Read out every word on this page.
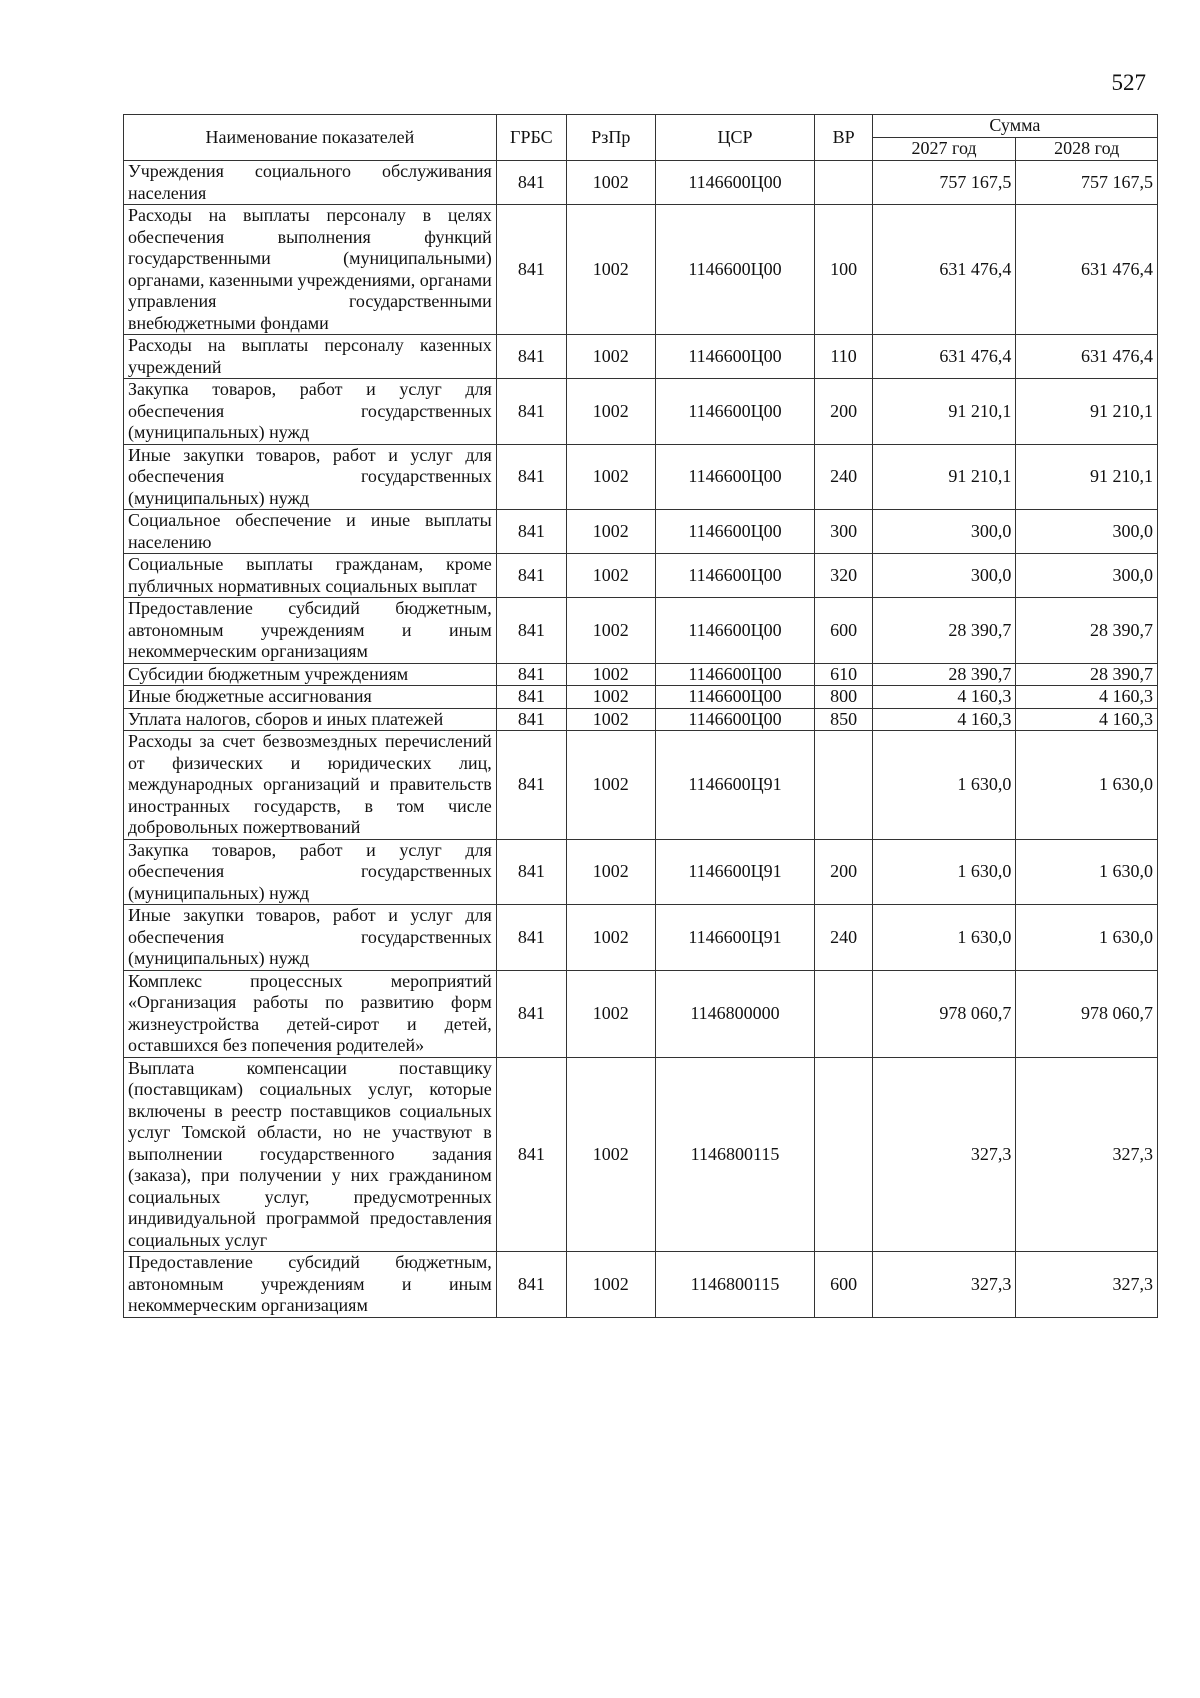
527
Наименование показателей	ГРБС	РзПр	ЦСР	ВР	Сумма	
					2027 год	2028 год
Учреждения социального обслуживания населения	841	1002	1146600Ц00		757 167,5	757 167,5
Расходы на выплаты персоналу в целях обеспечения выполнения функций государственными (муниципальными) органами, казенными учреждениями, органами управления государственными внебюджетными фондами	841	1002	1146600Ц00	100	631 476,4	631 476,4
Расходы на выплаты персоналу казенных учреждений	841	1002	1146600Ц00	110	631 476,4	631 476,4
Закупка товаров, работ и услуг для обеспечения государственных (муниципальных) нужд	841	1002	1146600Ц00	200	91 210,1	91 210,1
Иные закупки товаров, работ и услуг для обеспечения государственных (муниципальных) нужд	841	1002	1146600Ц00	240	91 210,1	91 210,1
Социальное обеспечение и иные выплаты населению	841	1002	1146600Ц00	300	300,0	300,0
Социальные выплаты гражданам, кроме публичных нормативных социальных выплат	841	1002	1146600Ц00	320	300,0	300,0
Предоставление субсидий бюджетным, автономным учреждениям и иным некоммерческим организациям	841	1002	1146600Ц00	600	28 390,7	28 390,7
Субсидии бюджетным учреждениям	841	1002	1146600Ц00	610	28 390,7	28 390,7
Иные бюджетные ассигнования	841	1002	1146600Ц00	800	4 160,3	4 160,3
Уплата налогов, сборов и иных платежей	841	1002	1146600Ц00	850	4 160,3	4 160,3
Расходы за счет безвозмездных перечислений от физических и юридических лиц, международных организаций и правительств иностранных государств, в том числе добровольных пожертвований	841	1002	1146600Ц91		1 630,0	1 630,0
Закупка товаров, работ и услуг для обеспечения государственных (муниципальных) нужд	841	1002	1146600Ц91	200	1 630,0	1 630,0
Иные закупки товаров, работ и услуг для обеспечения государственных (муниципальных) нужд	841	1002	1146600Ц91	240	1 630,0	1 630,0
Комплекс процессных мероприятий «Организация работы по развитию форм жизнеустройства детей-сирот и детей, оставшихся без попечения родителей»	841	1002	1146800000		978 060,7	978 060,7
Выплата компенсации поставщику (поставщикам) социальных услуг, которые включены в реестр поставщиков социальных услуг Томской области, но не участвуют в выполнении государственного задания (заказа), при получении у них гражданином социальных услуг, предусмотренных индивидуальной программой предоставления социальных услуг	841	1002	1146800115		327,3	327,3
Предоставление субсидий бюджетным, автономным учреждениям и иным некоммерческим организациям	841	1002	1146800115	600	327,3	327,3
